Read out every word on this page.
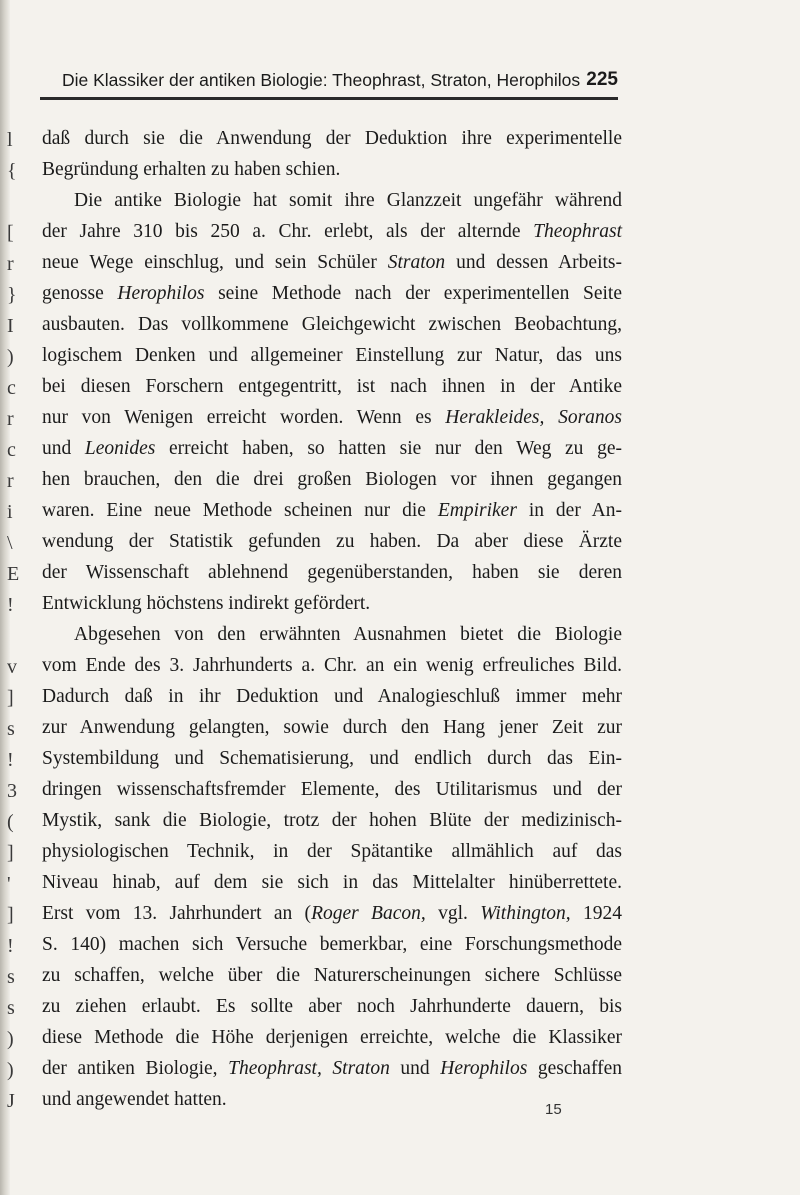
l
{
[
r
}
I
)
c
r
c
r
i
\
E
!
v
]
s
!
3
(
]
'
]
!
s
s
)
)
J
Die Klassiker der antiken Biologie: Theophrast, Straton, Herophilos 225
daß durch sie die Anwendung der Deduktion ihre experimentelle
Begründung erhalten zu haben schien.
Die antike Biologie hat somit ihre Glanzzeit ungefähr während
der Jahre 310 bis 250 a. Chr. erlebt, als der alternde Theophrast
neue Wege einschlug, und sein Schüler Straton und dessen Arbeits-
genosse Herophilos seine Methode nach der experimentellen Seite
ausbauten. Das vollkommene Gleichgewicht zwischen Beobachtung,
logischem Denken und allgemeiner Einstellung zur Natur, das uns
bei diesen Forschern entgegentritt, ist nach ihnen in der Antike
nur von Wenigen erreicht worden. Wenn es Herakleides, Soranos
und Leonides erreicht haben, so hatten sie nur den Weg zu ge-
hen brauchen, den die drei großen Biologen vor ihnen gegangen
waren. Eine neue Methode scheinen nur die Empiriker in der An-
wendung der Statistik gefunden zu haben. Da aber diese Ärzte
der Wissenschaft ablehnend gegenüberstanden, haben sie deren
Entwicklung höchstens indirekt gefördert.
Abgesehen von den erwähnten Ausnahmen bietet die Biologie
vom Ende des 3. Jahrhunderts a. Chr. an ein wenig erfreuliches Bild.
Dadurch daß in ihr Deduktion und Analogieschluß immer mehr
zur Anwendung gelangten, sowie durch den Hang jener Zeit zur
Systembildung und Schematisierung, und endlich durch das Ein-
dringen wissenschaftsfremder Elemente, des Utilitarismus und der
Mystik, sank die Biologie, trotz der hohen Blüte der medizinisch-
physiologischen Technik, in der Spätantike allmählich auf das
Niveau hinab, auf dem sie sich in das Mittelalter hinüberrettete.
Erst vom 13. Jahrhundert an (Roger Bacon, vgl. Withington, 1924
S. 140) machen sich Versuche bemerkbar, eine Forschungsmethode
zu schaffen, welche über die Naturerscheinungen sichere Schlüsse
zu ziehen erlaubt. Es sollte aber noch Jahrhunderte dauern, bis
diese Methode die Höhe derjenigen erreichte, welche die Klassiker
der antiken Biologie, Theophrast, Straton und Herophilos geschaffen
und angewendet hatten.	15
